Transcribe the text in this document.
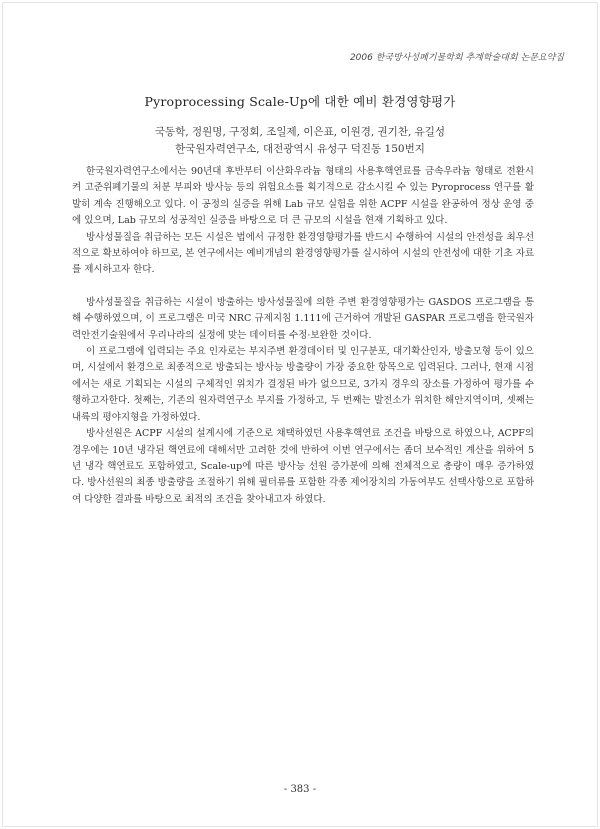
2006 한국방사성폐기물학회 추계학술대회 논문요약집
Pyroprocessing Scale-Up에 대한 예비 환경영향평가
국동학, 정원명, 구정회, 조일제, 이은표, 이원경, 권기찬, 유길성
한국원자력연구소, 대전광역시 유성구 덕진동 150번지

한국원자력연구소에서는 90년대 후반부터 이산화우라늄 형태의 사용후핵연료를 금속우라늄 형태로 전환시켜 고준위폐기물의 처분 부피와 방사능 등의 위험요소를 획기적으로 감소시킬 수 있는 Pyroprocess 연구를 활발히 계속 진행해오고 있다. 이 공정의 실증을 위해 Lab 규모 실험을 위한 ACPF 시설을 완공하여 정상 운영 중에 있으며, Lab 규모의 성공적인 실증을 바탕으로 더 큰 규모의 시설을 현재 기획하고 있다.

방사성물질을 취급하는 모든 시설은 법에서 규정한 환경영향평가를 반드시 수행하여 시설의 안전성을 최우선적으로 확보하여야 하므로, 본 연구에서는 예비개념의 환경영향평가를 실시하여 시설의 안전성에 대한 기초 자료를 제시하고자 한다.

방사성물질을 취급하는 시설이 방출하는 방사성물질에 의한 주변 환경영향평가는 GASDOS 프로그램을 통해 수행하였으며, 이 프로그램은 미국 NRC 규제지침 1.111에 근거하여 개발된 GASPAR 프로그램을 한국원자력안전기술원에서 우리나라의 실정에 맞는 데이터를 수정·보완한 것이다.

이 프로그램에 입력되는 주요 인자로는 부지주변 환경데이터 및 인구분포, 대기확산인자, 방출모형 등이 있으며, 시설에서 환경으로 최종적으로 방출되는 방사능 방출량이 가장 중요한 항목으로 입력된다. 그러나, 현재 시점에서는 새로 기획되는 시설의 구체적인 위치가 결정된 바가 없으므로, 3가지 경우의 장소를 가정하여 평가를 수행하고자한다. 첫째는, 기존의 원자력연구소 부지를 가정하고, 두 번째는 발전소가 위치한 해안지역이며, 셋째는 내륙의 평야지형을 가정하였다.

방사선원은 ACPF 시설의 설계시에 기준으로 채택하였던 사용후핵연료 조건을 바탕으로 하였으나, ACPF의 경우에는 10년 냉각된 핵연료에 대해서만 고려한 것에 반하여 이번 연구에서는 좀더 보수적인 계산을 위하여 5년 냉각 핵연료도 포함하였고, Scale-up에 따른 방사능 선원 증가분에 의해 전체적으로 총량이 매우 증가하였다. 방사선원의 최종 방출량을 조절하기 위해 필터류를 포함한 각종 제어장치의 가동여부도 선택사항으로 포함하여 다양한 결과를 바탕으로 최적의 조건을 찾아내고자 하였다.

- 383 -
